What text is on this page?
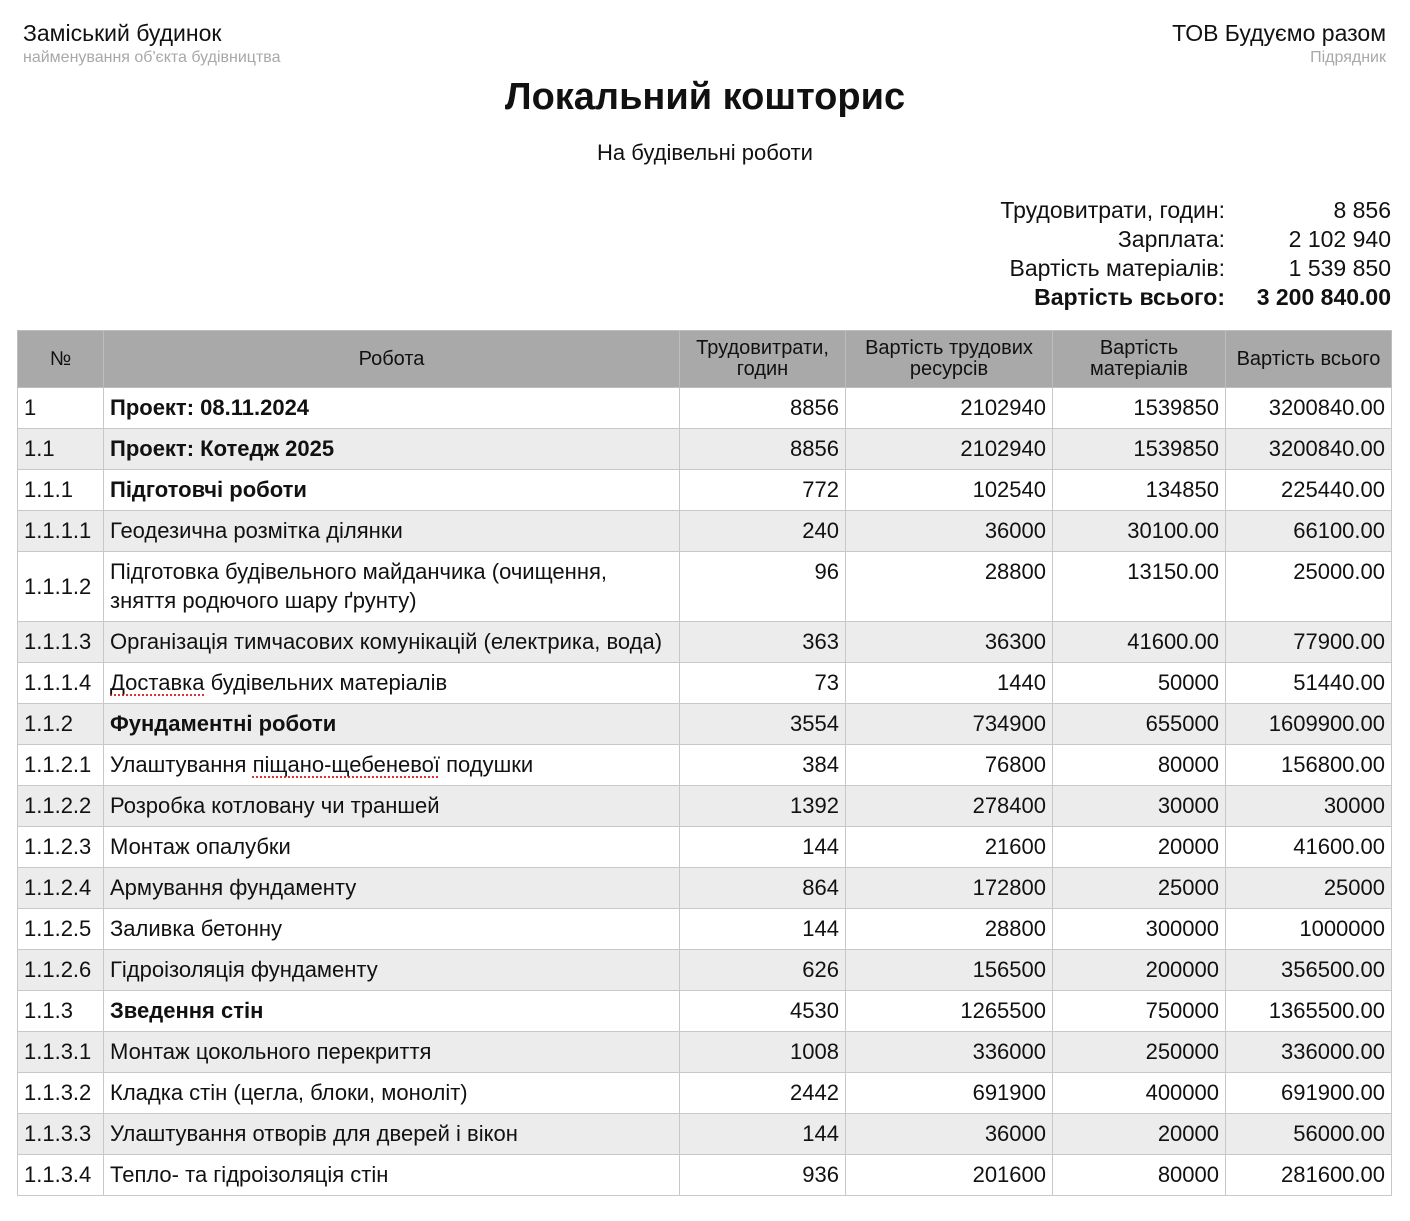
Заміський будинок
найменування об'єкта будівництва
ТОВ Будуємо разом
Підрядник
Локальний кошторис
На будівельні роботи
Трудовитрати, годин:	8 856
Зарплата:	2 102 940
Вартість матеріалів:	1 539 850
Вартість всього:	3 200 840.00
№	Робота	Трудовитрати, годин	Вартість трудових ресурсів	Вартість матеріалів	Вартість всього
1	Проект: 08.11.2024	8856	2102940	1539850	3200840.00
1.1	Проект: Котедж 2025	8856	2102940	1539850	3200840.00
1.1.1	Підготовчі роботи	772	102540	134850	225440.00
1.1.1.1	Геодезична розмітка ділянки	240	36000	30100.00	66100.00
1.1.1.2	Підготовка будівельного майданчика (очищення, зняття родючого шару ґрунту)	96	28800	13150.00	25000.00
1.1.1.3	Організація тимчасових комунікацій (електрика, вода)	363	36300	41600.00	77900.00
1.1.1.4	Доставка будівельних матеріалів	73	1440	50000	51440.00
1.1.2	Фундаментні роботи	3554	734900	655000	1609900.00
1.1.2.1	Улаштування піщано-щебеневої подушки	384	76800	80000	156800.00
1.1.2.2	Розробка котловану чи траншей	1392	278400	30000	30000
1.1.2.3	Монтаж опалубки	144	21600	20000	41600.00
1.1.2.4	Армування фундаменту	864	172800	25000	25000
1.1.2.5	Заливка бетонну	144	28800	300000	1000000
1.1.2.6	Гідроізоляція фундаменту	626	156500	200000	356500.00
1.1.3	Зведення стін	4530	1265500	750000	1365500.00
1.1.3.1	Монтаж цокольного перекриття	1008	336000	250000	336000.00
1.1.3.2	Кладка стін (цегла, блоки, моноліт)	2442	691900	400000	691900.00
1.1.3.3	Улаштування отворів для дверей і вікон	144	36000	20000	56000.00
1.1.3.4	Тепло- та гідроізоляція стін	936	201600	80000	281600.00
